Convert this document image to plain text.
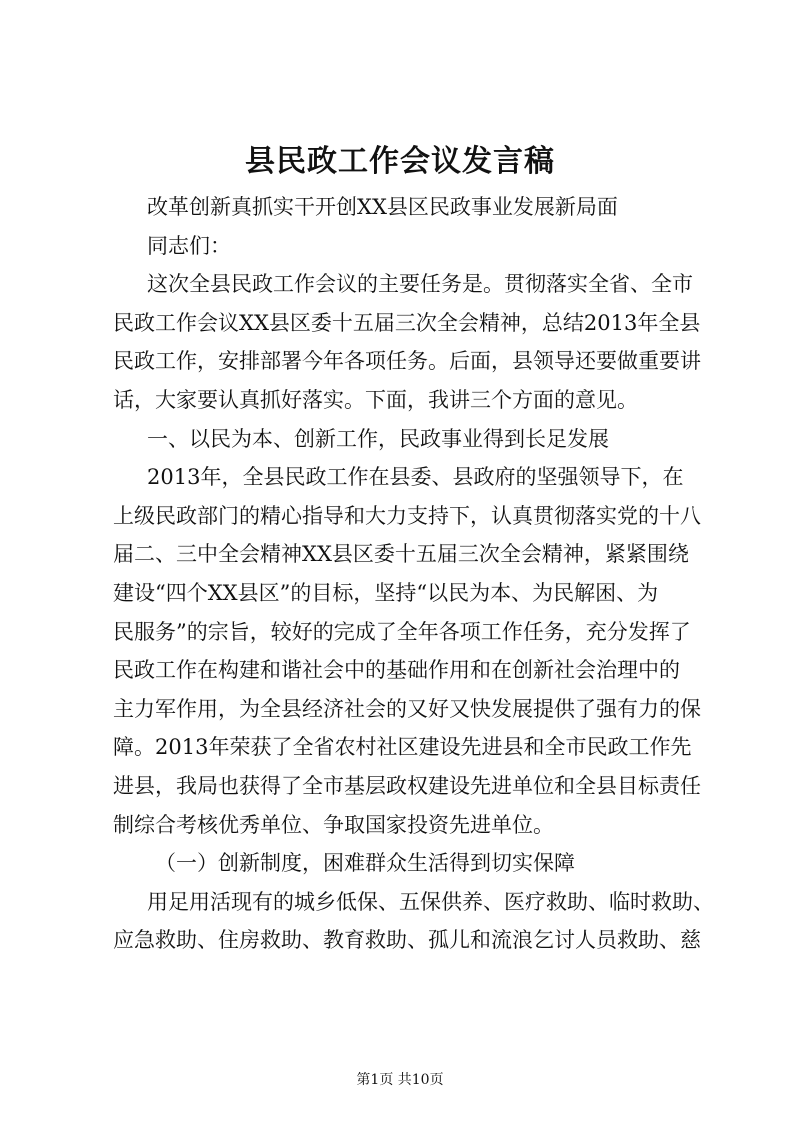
县民政工作会议发言稿
改革创新真抓实干开创XX县区民政事业发展新局面
同志们：
这次全县民政工作会议的主要任务是。贯彻落实全省、全市
民政工作会议XX县区委十五届三次全会精神，总结2013年全县
民政工作，安排部署今年各项任务。后面，县领导还要做重要讲
话，大家要认真抓好落实。下面，我讲三个方面的意见。
一、以民为本、创新工作，民政事业得到长足发展
2013年，全县民政工作在县委、县政府的坚强领导下，在
上级民政部门的精心指导和大力支持下，认真贯彻落实党的十八
届二、三中全会精神XX县区委十五届三次全会精神，紧紧围绕
建设“四个XX县区”的目标，坚持“以民为本、为民解困、为
民服务”的宗旨，较好的完成了全年各项工作任务，充分发挥了
民政工作在构建和谐社会中的基础作用和在创新社会治理中的
主力军作用，为全县经济社会的又好又快发展提供了强有力的保
障。2013年荣获了全省农村社区建设先进县和全市民政工作先
进县，我局也获得了全市基层政权建设先进单位和全县目标责任
制综合考核优秀单位、争取国家投资先进单位。
（一）创新制度，困难群众生活得到切实保障
用足用活现有的城乡低保、五保供养、医疗救助、临时救助、
应急救助、住房救助、教育救助、孤儿和流浪乞讨人员救助、慈
第1页 共10页
